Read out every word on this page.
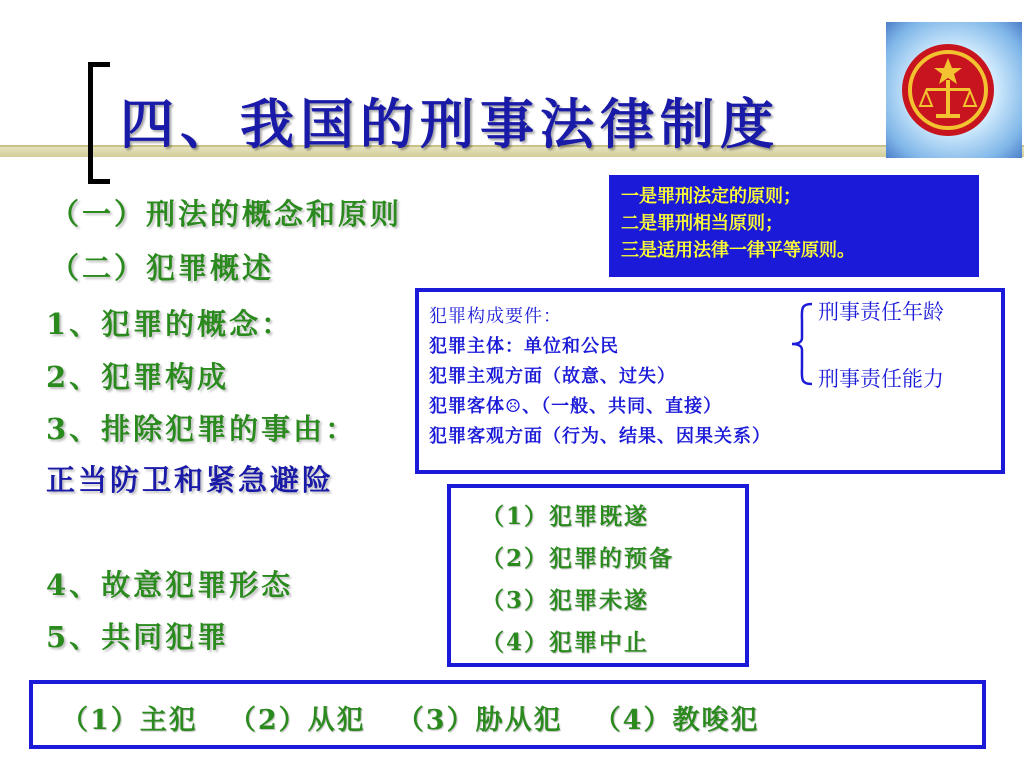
四、我国的刑事法律制度
（一）刑法的概念和原则
（二）犯罪概述
1、犯罪的概念：
2、犯罪构成
3、排除犯罪的事由：
正当防卫和紧急避险
4、故意犯罪形态
5、共同犯罪
一是罪刑法定的原则；
二是罪刑相当原则；
三是适用法律一律平等原则。
犯罪构成要件：
犯罪主体：单位和公民
犯罪主观方面（故意、过失）
犯罪客体☹、（一般、共同、直接）
犯罪客观方面（行为、结果、因果关系）
刑事责任年龄
刑事责任能力
（1）犯罪既遂
（2）犯罪的预备
（3）犯罪未遂
（4）犯罪中止
（1）主犯 （2）从犯 （3）胁从犯 （4）教唆犯
